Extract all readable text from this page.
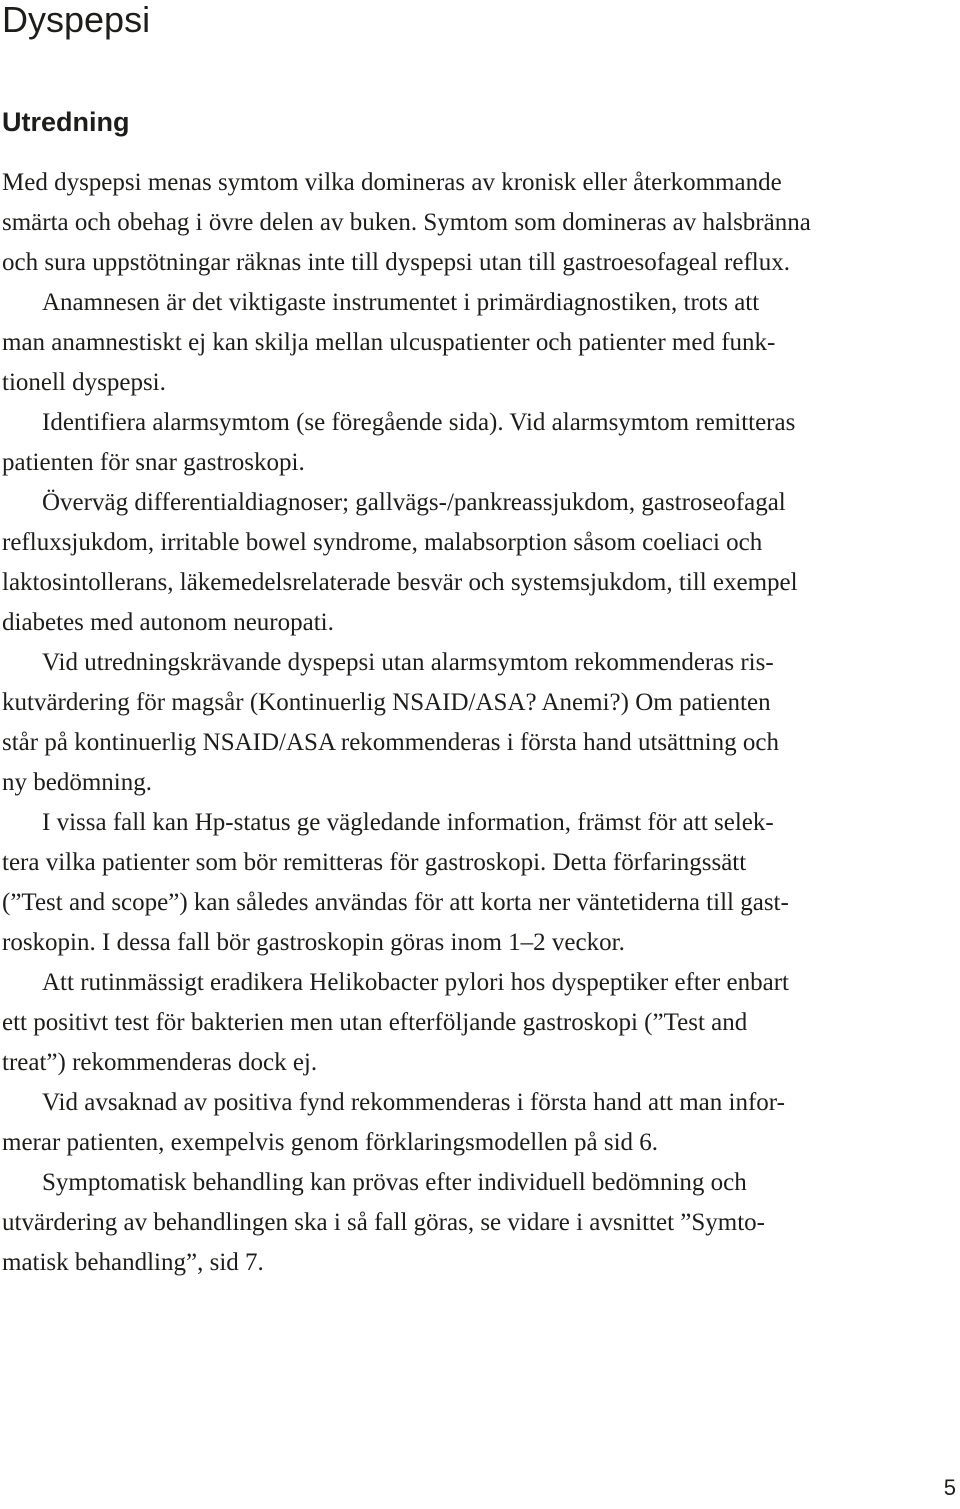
Dyspepsi
Utredning

Med dyspepsi menas symtom vilka domineras av kronisk eller återkommande
smärta och obehag i övre delen av buken. Symtom som domineras av halsbränna
och sura uppstötningar räknas inte till dyspepsi utan till gastroesofageal reflux.

Anamnesen är det viktigaste instrumentet i primärdiagnostiken, trots att
man anamnestiskt ej kan skilja mellan ulcuspatienter och patienter med funk-
tionell dyspepsi.

Identifiera alarmsymtom (se föregående sida). Vid alarmsymtom remitteras
patienten för snar gastroskopi.

Överväg differentialdiagnoser; gallvägs-/pankreassjukdom, gastroseofagal
refluxsjukdom, irritable bowel syndrome, malabsorption såsom coeliaci och
laktosintollerans, läkemedelsrelaterade besvär och systemsjukdom, till exempel
diabetes med autonom neuropati.

Vid utredningskrävande dyspepsi utan alarmsymtom rekommenderas ris-
kutvärdering för magsår (Kontinuerlig NSAID/ASA? Anemi?) Om patienten
står på kontinuerlig NSAID/ASA rekommenderas i första hand utsättning och
ny bedömning.

I vissa fall kan Hp-status ge vägledande information, främst för att selek-
tera vilka patienter som bör remitteras för gastroskopi. Detta förfaringssätt
(”Test and scope”) kan således användas för att korta ner väntetiderna till gast-
roskopin. I dessa fall bör gastroskopin göras inom 1–2 veckor.

Att rutinmässigt eradikera Helikobacter pylori hos dyspeptiker efter enbart
ett positivt test för bakterien men utan efterföljande gastroskopi (”Test and
treat”) rekommenderas dock ej.

Vid avsaknad av positiva fynd rekommenderas i första hand att man infor-
merar patienten, exempelvis genom förklaringsmodellen på sid 6.

Symptomatisk behandling kan prövas efter individuell bedömning och
utvärdering av behandlingen ska i så fall göras, se vidare i avsnittet ”Symto-
matisk behandling”, sid 7.

5
